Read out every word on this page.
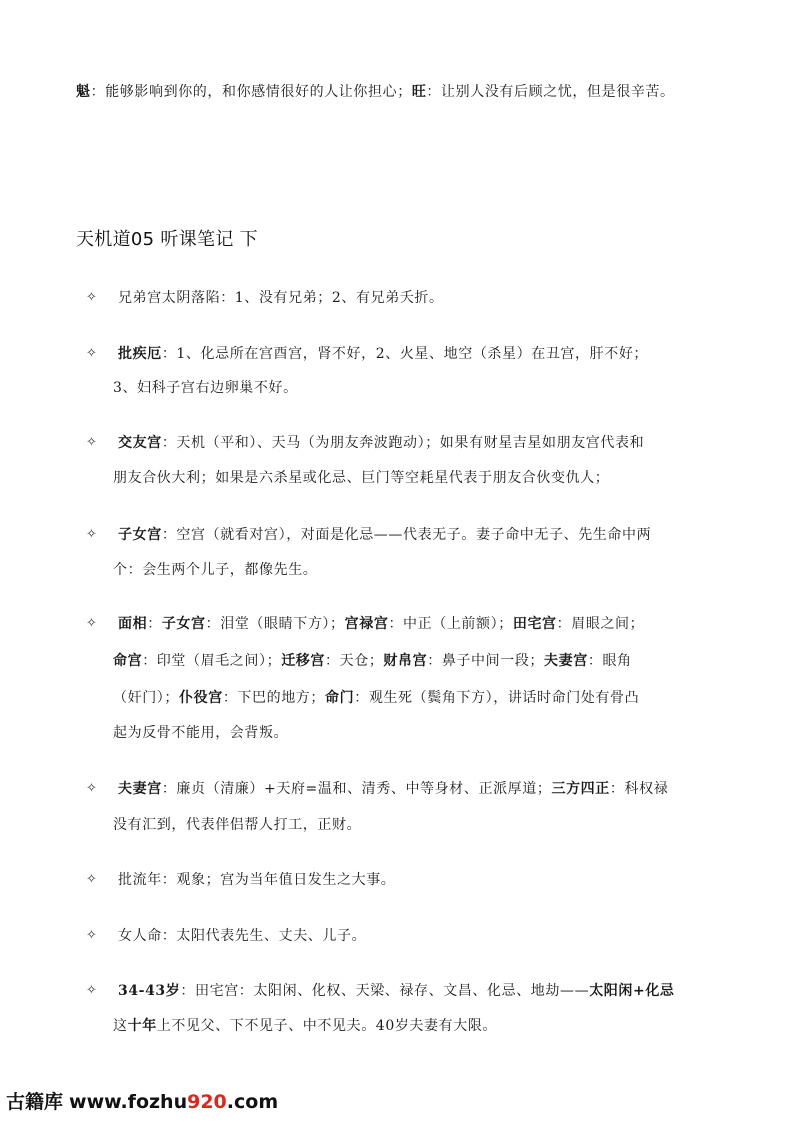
魁：能够影响到你的，和你感情很好的人让你担心；旺：让别人没有后顾之忧，但是很辛苦。
天机道05 听课笔记 下
✧ 兄弟宫太阴落陷：1、没有兄弟；2、有兄弟夭折。
✧ 批疾厄：1、化忌所在宫酉宫，肾不好，2、火星、地空（杀星）在丑宫，肝不好；
3、妇科子宫右边卵巢不好。
✧ 交友宫：天机（平和）、天马（为朋友奔波跑动）；如果有财星吉星如朋友宫代表和
朋友合伙大利；如果是六杀星或化忌、巨门等空耗星代表于朋友合伙变仇人；
✧ 子女宫：空宫（就看对宫），对面是化忌——代表无子。妻子命中无子、先生命中两
个：会生两个儿子，都像先生。
✧ 面相：子女宫：泪堂（眼睛下方）；宫禄宫：中正（上前额）；田宅宫：眉眼之间；
命宫：印堂（眉毛之间）；迁移宫：天仓；财帛宫：鼻子中间一段；夫妻宫：眼角
（奸门）；仆役宫：下巴的地方；命门：观生死（鬓角下方），讲话时命门处有骨凸
起为反骨不能用，会背叛。
✧ 夫妻宫：廉贞（清廉）+天府=温和、清秀、中等身材、正派厚道；三方四正：科权禄
没有汇到，代表伴侣帮人打工，正财。
✧ 批流年：观象；宫为当年值日发生之大事。
✧ 女人命：太阳代表先生、丈夫、儿子。
✧ 34-43岁：田宅宫：太阳闲、化权、天梁、禄存、文昌、化忌、地劫——太阳闲+化忌
这十年上不见父、下不见子、中不见夫。40岁夫妻有大限。
古籍库 www.fozhu920.com
